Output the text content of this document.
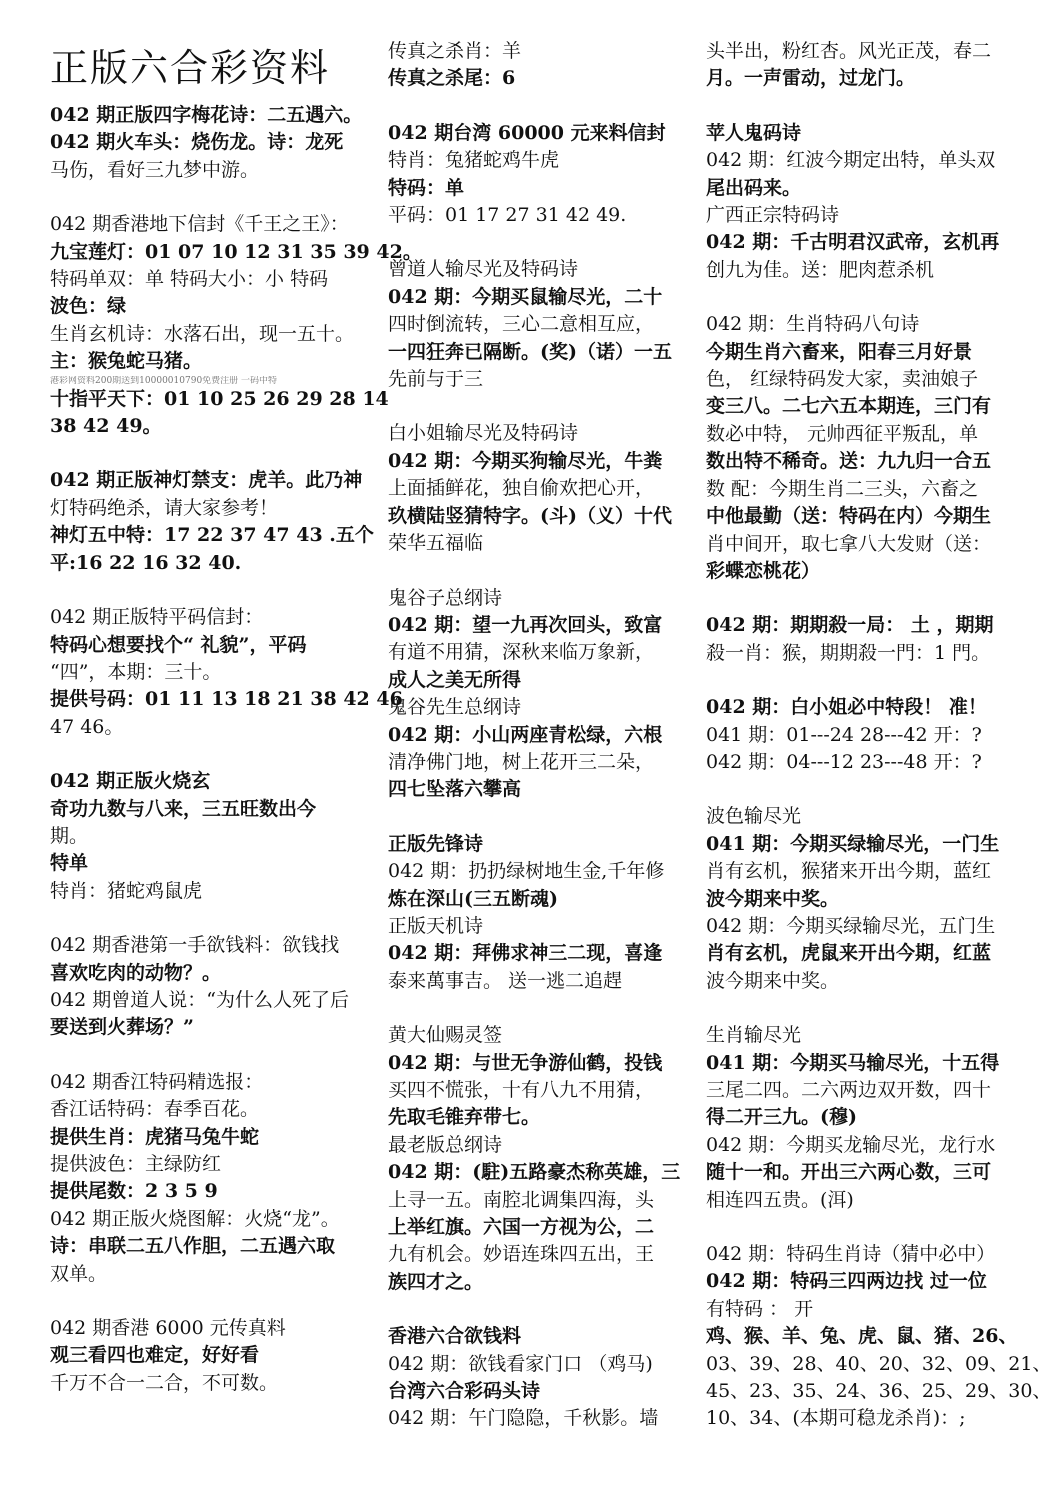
正版六合彩资料
042 期正版四字梅花诗：二五遇六。
042 期火车头：烧伤龙。诗：龙死
马伤，看好三九梦中游。
042 期香港地下信封《千王之王》：
九宝莲灯：01 07 10 12 31 35 39 42。
特码单双：单 特码大小：小 特码
波色：绿
生肖玄机诗：水落石出，现一五十。
主：猴兔蛇马猪。
港彩网资料200期送到10000010790免费注册 一码中特
十指平天下：01 10 25 26 29 28 14
38 42 49。
042 期正版神灯禁支：虎羊。此乃神
灯特码绝杀，请大家参考！
神灯五中特：17 22 37 47 43 .五个
平:16 22 16 32 40.
042 期正版特平码信封：
特码心想要找个“ 礼貌”，平码
“四”，本期：三十。
提供号码：01 11 13 18 21 38 42 46
47 46。
042 期正版火烧玄
奇功九数与八来，三五旺数出今
期。
特单
特肖：猪蛇鸡鼠虎
042 期香港第一手欲钱料：欲钱找
喜欢吃肉的动物？。
042 期曾道人说：“为什么人死了后
要送到火葬场？”
042 期香江特码精选报：
香江话特码：春季百花。
提供生肖：虎猪马兔牛蛇
提供波色：主绿防红
提供尾数：2 3 5 9
042 期正版火烧图解：火烧“龙”。
诗：串联二五八作胆，二五遇六取
双单。
042 期香港 6000 元传真料
观三看四也难定，好好看
千万不合一二合，不可数。
传真之杀肖：羊
传真之杀尾：6
042 期台湾 60000 元来料信封
特肖：兔猪蛇鸡牛虎
特码：单
平码：01 17 27 31 42 49.
曾道人输尽光及特码诗
042 期：今期买鼠输尽光，二十
四时倒流转，三心二意相互应，
一四狂奔已隔断。(奖)（诺）一五
先前与于三
白小姐输尽光及特码诗
042 期：今期买狗输尽光，牛粪
上面插鲜花，独自偷欢把心开，
玖横陆竖猜特字。(斗)（义）十代
荣华五福临
鬼谷子总纲诗
042 期：望一九再次回头，致富
有道不用猜，深秋来临万象新，
成人之美无所得
鬼谷先生总纲诗
042 期：小山两座青松绿，六根
清净佛门地，树上花开三二朵，
四七坠落六攀高
正版先锋诗
042 期：扔扔绿树地生金,千年修
炼在深山(三五断魂)
正版天机诗
042 期：拜佛求神三二现，喜逢
泰来萬事吉。 送一逃二追趕
黄大仙赐灵签
042 期：与世无争游仙鹤，投钱
买四不慌张，十有八九不用猜，
先取毛锥弃带七。
最老版总纲诗
042 期：(駐)五路豪杰称英雄，三
上寻一五。南腔北调集四海，头
上举红旗。六国一方视为公，二
九有机会。妙语连珠四五出，王
族四才之。
香港六合欲钱料
042 期：欲钱看家门口 （鸡马)
台湾六合彩码头诗
042 期：午门隐隐，千秋影。墙
头半出，粉红杏。风光正茂，春二
月。一声雷动，过龙门。
苹人鬼码诗
042 期：红波今期定出特，单头双
尾出码来。
广西正宗特码诗
042 期：千古明君汉武帝，玄机再
创九为佳。送：肥肉惹杀机
042 期：生肖特码八句诗
今期生肖六畜来，阳春三月好景
色， 红绿特码发大家，卖油娘子
变三八。二七六五本期连，三门有
数必中特， 元帅西征平叛乱，单
数出特不稀奇。送：九九归一合五
数 配：今期生肖二三头，六畜之
中他最勤（送：特码在内）今期生
肖中间开，取七拿八大发财（送：
彩蝶恋桃花）
042 期：期期殺一局： 土 ，期期
殺一肖：猴，期期殺一門：1 門。
042 期：白小姐必中特段！ 准！
041 期：01---24 28---42 开：?
042 期：04---12 23---48 开：?
波色输尽光
041 期：今期买绿输尽光，一门生
肖有玄机，猴猪来开出今期，蓝红
波今期来中奖。
042 期：今期买绿输尽光，五门生
肖有玄机，虎鼠来开出今期，红蓝
波今期来中奖。
生肖输尽光
041 期：今期买马输尽光，十五得
三尾二四。二六两边双开数，四十
得二开三九。(穆)
042 期：今期买龙输尽光，龙行水
随十一和。开出三六两心数，三可
相连四五贵。(洱)
042 期：特码生肖诗（猜中必中）
042 期：特码三四两边找 过一位
有特码 ： 开
鸡、猴、羊、兔、虎、鼠、猪、26、
03、39、28、40、20、32、09、21、
45、23、35、24、36、25、29、30、
10、34、(本期可稳龙杀肖)：;
